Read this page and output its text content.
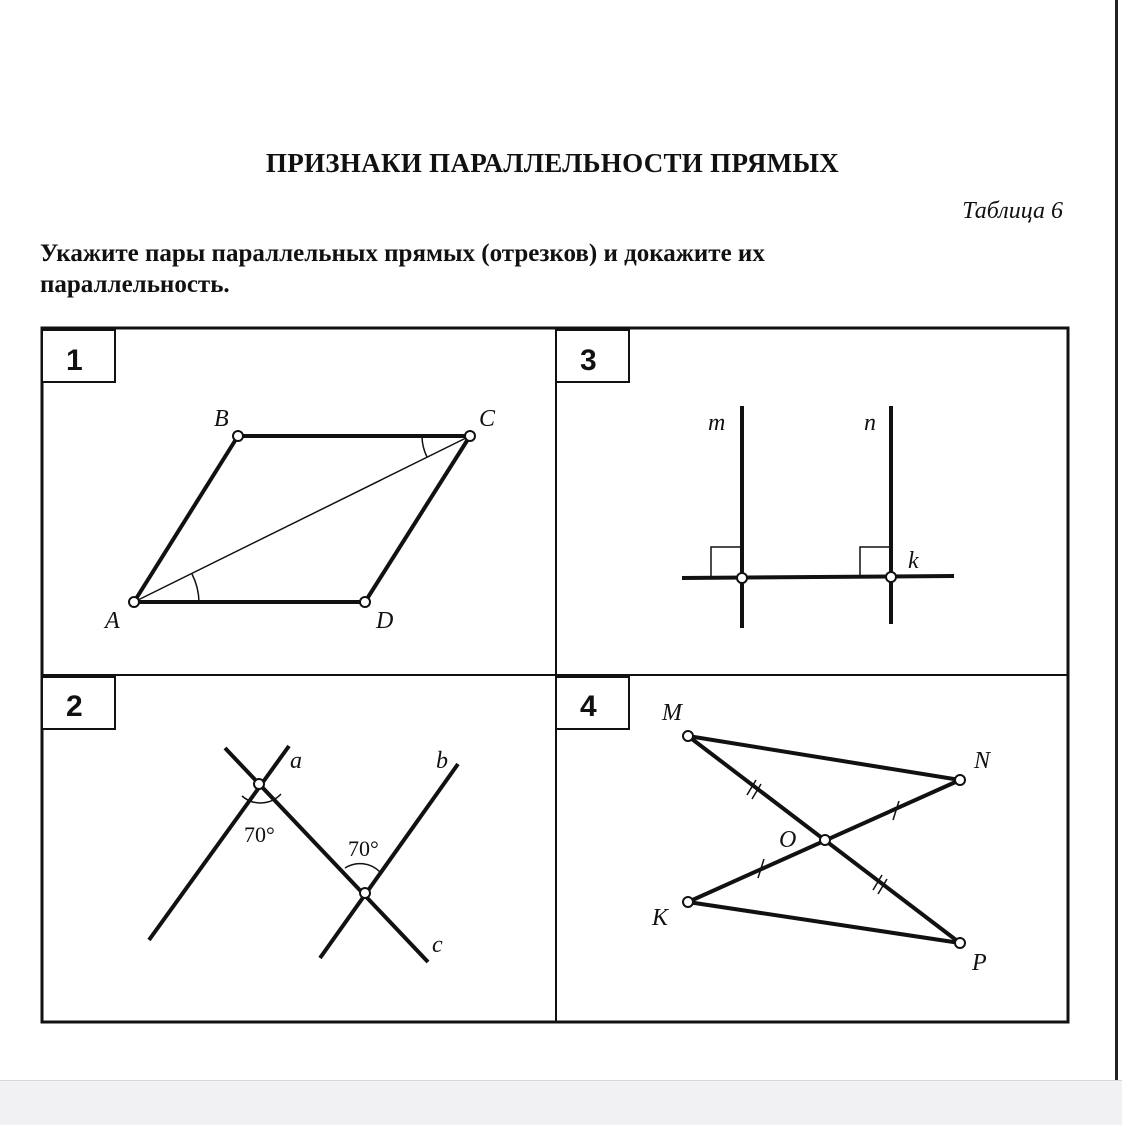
ПРИЗНАКИ ПАРАЛЛЕЛЬНОСТИ ПРЯМЫХ
Таблица 6
Укажите пары параллельных прямых (отрезков) и докажите их параллельность.
1
A
B	C
D
2
a	b
c
70°
70°
3
m	n
k
4	M
N
O
K
P
